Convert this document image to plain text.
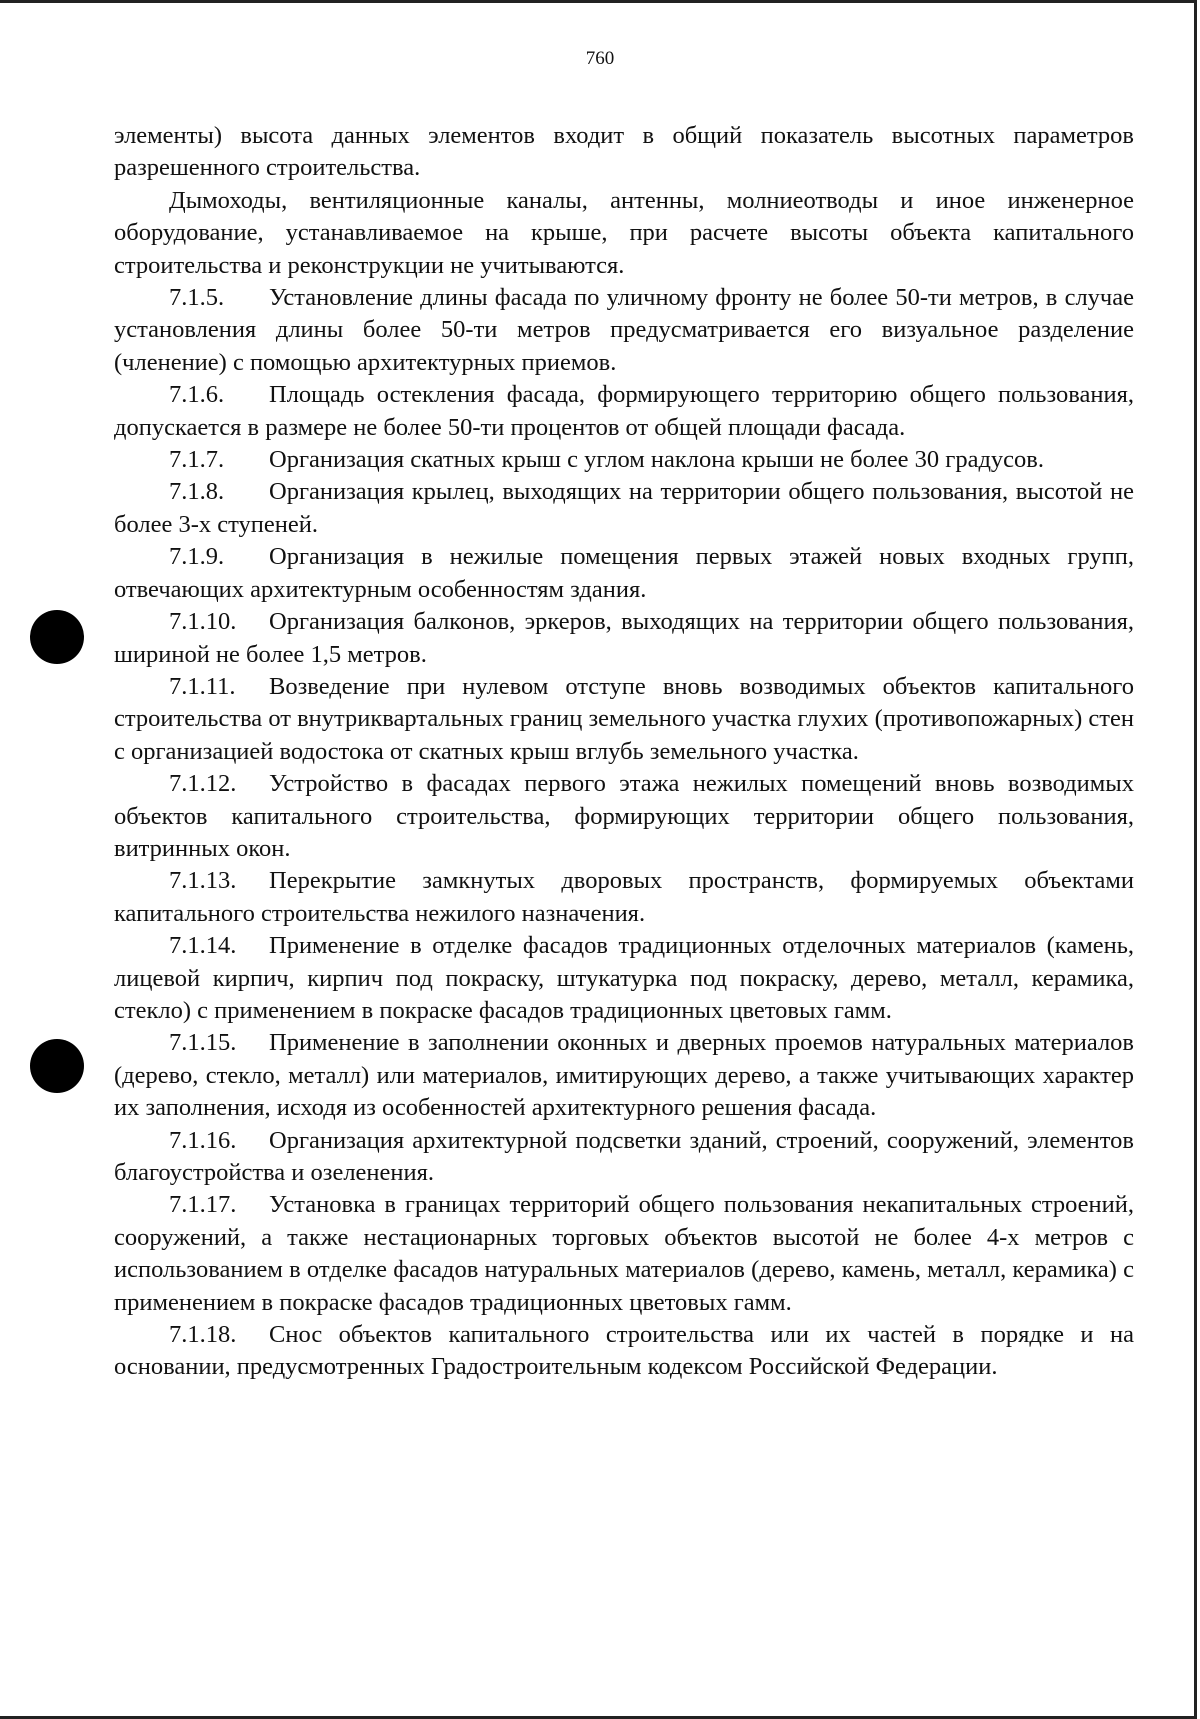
760

элементы) высота данных элементов входит в общий показатель высотных параметров разрешенного строительства.

Дымоходы, вентиляционные каналы, антенны, молниеотводы и иное инженерное оборудование, устанавливаемое на крыше, при расчете высоты объекта капитального строительства и реконструкции не учитываются.

7.1.5. Установление длины фасада по уличному фронту не более 50-ти метров, в случае установления длины более 50-ти метров предусматривается его визуальное разделение (членение) с помощью архитектурных приемов.

7.1.6. Площадь остекления фасада, формирующего территорию общего пользования, допускается в размере не более 50-ти процентов от общей площади фасада.

7.1.7. Организация скатных крыш с углом наклона крыши не более 30 градусов.

7.1.8. Организация крылец, выходящих на территории общего пользования, высотой не более 3-х ступеней.

7.1.9. Организация в нежилые помещения первых этажей новых входных групп, отвечающих архитектурным особенностям здания.

7.1.10. Организация балконов, эркеров, выходящих на территории общего пользования, шириной не более 1,5 метров.

7.1.11. Возведение при нулевом отступе вновь возводимых объектов капитального строительства от внутриквартальных границ земельного участка глухих (противопожарных) стен с организацией водостока от скатных крыш вглубь земельного участка.

7.1.12. Устройство в фасадах первого этажа нежилых помещений вновь возводимых объектов капитального строительства, формирующих территории общего пользования, витринных окон.

7.1.13. Перекрытие замкнутых дворовых пространств, формируемых объектами капитального строительства нежилого назначения.

7.1.14. Применение в отделке фасадов традиционных отделочных материалов (камень, лицевой кирпич, кирпич под покраску, штукатурка под покраску, дерево, металл, керамика, стекло) с применением в покраске фасадов традиционных цветовых гамм.

7.1.15. Применение в заполнении оконных и дверных проемов натуральных материалов (дерево, стекло, металл) или материалов, имитирующих дерево, а также учитывающих характер их заполнения, исходя из особенностей архитектурного решения фасада.

7.1.16. Организация архитектурной подсветки зданий, строений, сооружений, элементов благоустройства и озеленения.

7.1.17. Установка в границах территорий общего пользования некапитальных строений, сооружений, а также нестационарных торговых объектов высотой не более 4-х метров с использованием в отделке фасадов натуральных материалов (дерево, камень, металл, керамика) с применением в покраске фасадов традиционных цветовых гамм.

7.1.18. Снос объектов капитального строительства или их частей в порядке и на основании, предусмотренных Градостроительным кодексом Российской Федерации.
